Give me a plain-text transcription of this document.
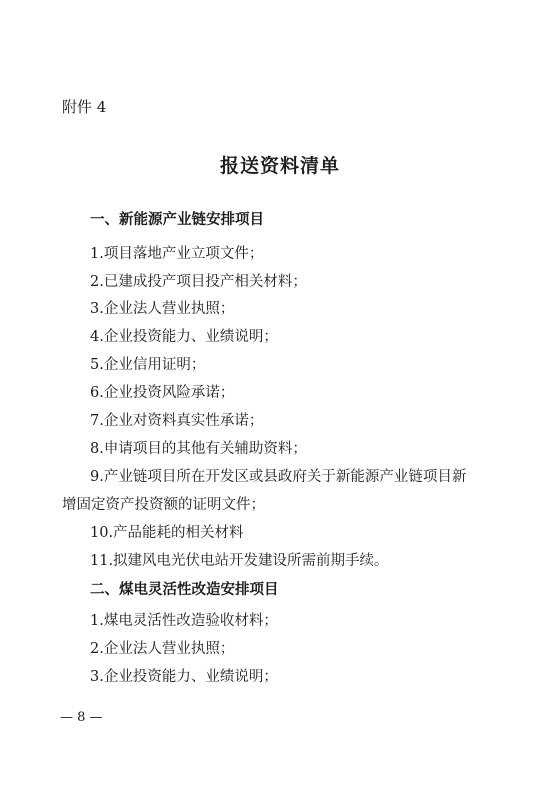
附件 4
报送资料清单
一、新能源产业链安排项目
1.项目落地产业立项文件；
2.已建成投产项目投产相关材料；
3.企业法人营业执照；
4.企业投资能力、业绩说明；
5.企业信用证明；
6.企业投资风险承诺；
7.企业对资料真实性承诺；
8.申请项目的其他有关辅助资料；
9.产业链项目所在开发区或县政府关于新能源产业链项目新
增固定资产投资额的证明文件；
10.产品能耗的相关材料
11.拟建风电光伏电站开发建设所需前期手续。
二、煤电灵活性改造安排项目
1.煤电灵活性改造验收材料；
2.企业法人营业执照；
3.企业投资能力、业绩说明；
— 8 —
